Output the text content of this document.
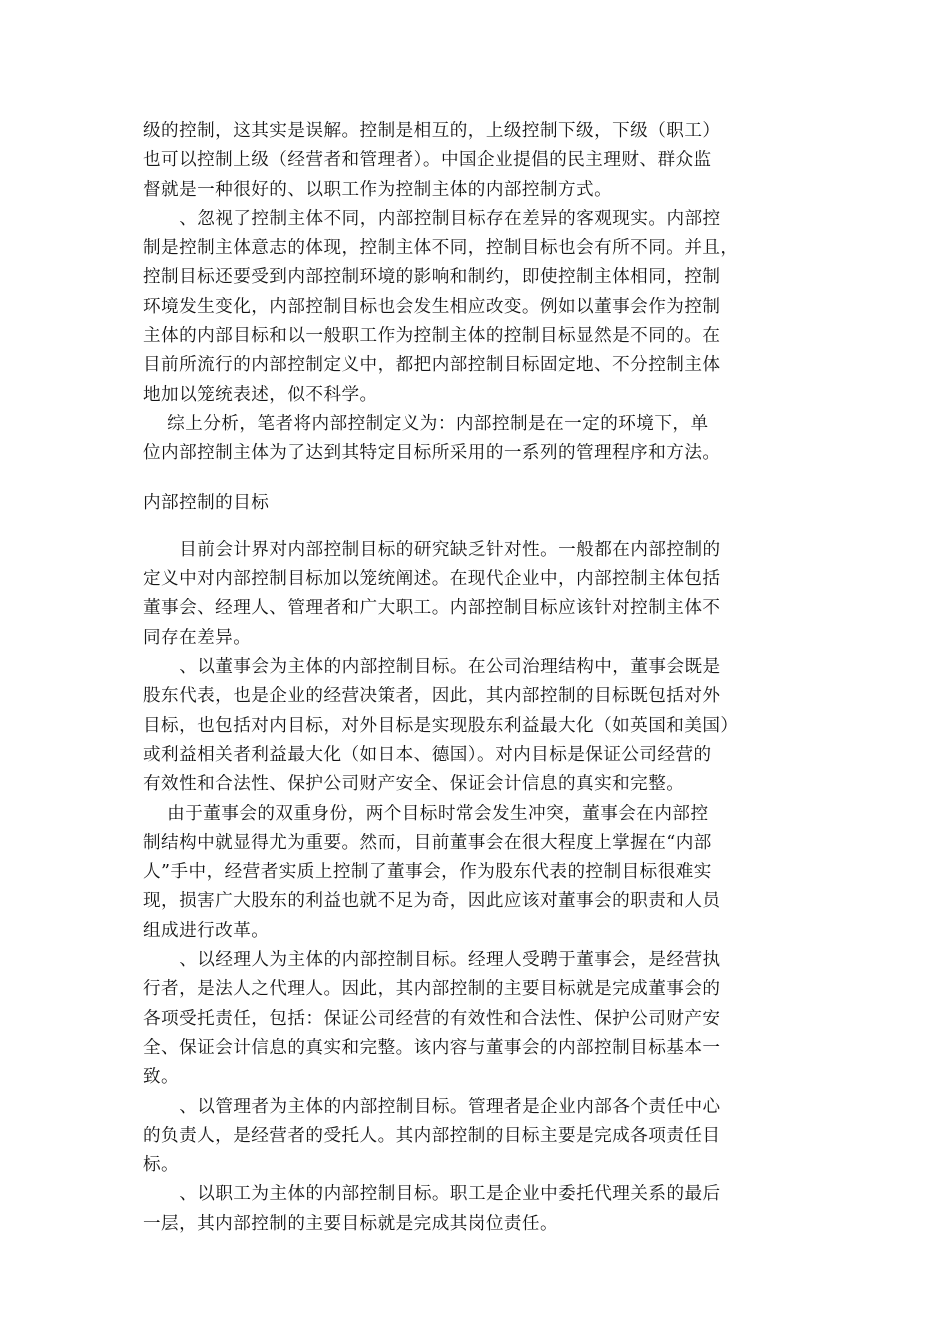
级的控制，这其实是误解。控制是相互的，上级控制下级，下级（职工）
也可以控制上级（经营者和管理者）。中国企业提倡的民主理财、群众监
督就是一种很好的、以职工作为控制主体的内部控制方式。
、忽视了控制主体不同，内部控制目标存在差异的客观现实。内部控
制是控制主体意志的体现，控制主体不同，控制目标也会有所不同。并且，
控制目标还要受到内部控制环境的影响和制约，即使控制主体相同，控制
环境发生变化，内部控制目标也会发生相应改变。例如以董事会作为控制
主体的内部目标和以一般职工作为控制主体的控制目标显然是不同的。在
目前所流行的内部控制定义中，都把内部控制目标固定地、不分控制主体
地加以笼统表述，似不科学。
综上分析，笔者将内部控制定义为：内部控制是在一定的环境下，单
位内部控制主体为了达到其特定目标所采用的一系列的管理程序和方法。
内部控制的目标
目前会计界对内部控制目标的研究缺乏针对性。一般都在内部控制的
定义中对内部控制目标加以笼统阐述。在现代企业中，内部控制主体包括
董事会、经理人、管理者和广大职工。内部控制目标应该针对控制主体不
同存在差异。
、以董事会为主体的内部控制目标。在公司治理结构中，董事会既是
股东代表，也是企业的经营决策者，因此，其内部控制的目标既包括对外
目标，也包括对内目标，对外目标是实现股东利益最大化（如英国和美国）
或利益相关者利益最大化（如日本、德国）。对内目标是保证公司经营的
有效性和合法性、保护公司财产安全、保证会计信息的真实和完整。
由于董事会的双重身份，两个目标时常会发生冲突，董事会在内部控
制结构中就显得尤为重要。然而，目前董事会在很大程度上掌握在“内部
人”手中，经营者实质上控制了董事会，作为股东代表的控制目标很难实
现，损害广大股东的利益也就不足为奇，因此应该对董事会的职责和人员
组成进行改革。
、以经理人为主体的内部控制目标。经理人受聘于董事会，是经营执
行者，是法人之代理人。因此，其内部控制的主要目标就是完成董事会的
各项受托责任，包括：保证公司经营的有效性和合法性、保护公司财产安
全、保证会计信息的真实和完整。该内容与董事会的内部控制目标基本一
致。
、以管理者为主体的内部控制目标。管理者是企业内部各个责任中心
的负责人，是经营者的受托人。其内部控制的目标主要是完成各项责任目
标。
、以职工为主体的内部控制目标。职工是企业中委托代理关系的最后
一层，其内部控制的主要目标就是完成其岗位责任。
